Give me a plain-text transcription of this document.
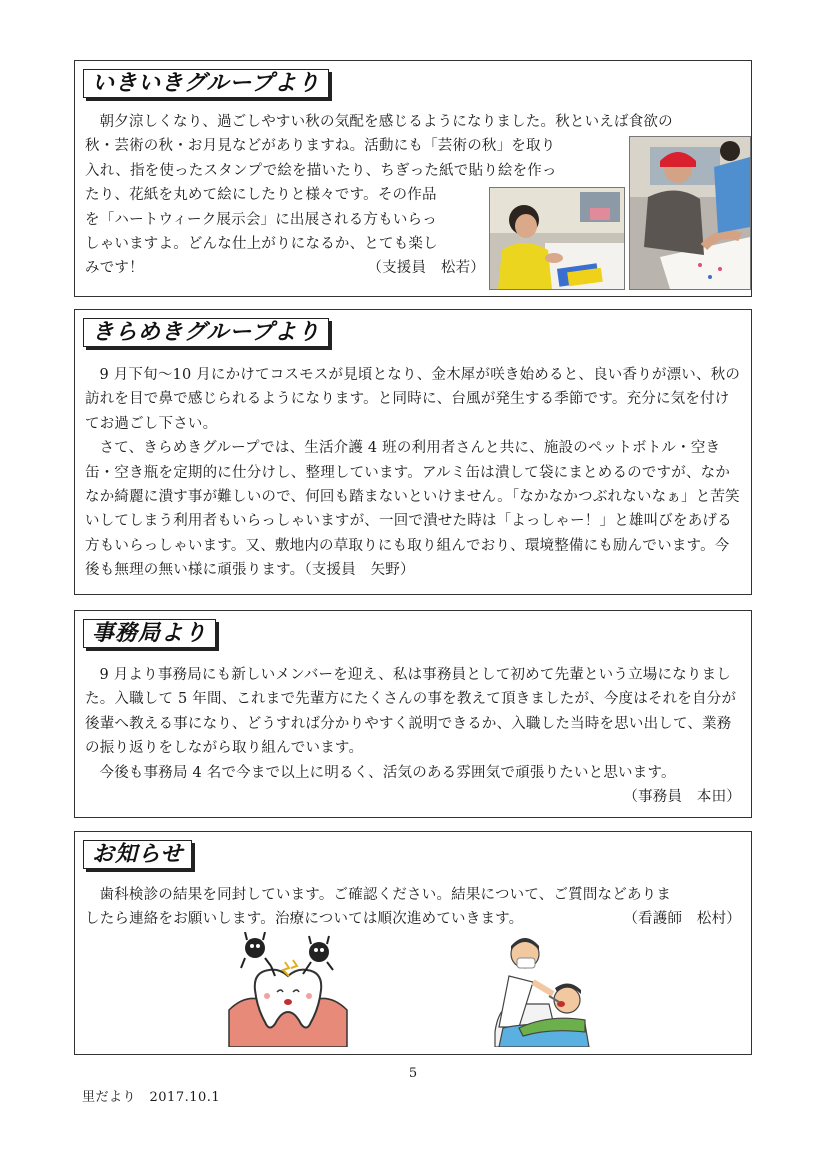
いきいきグループより
朝夕涼しくなり、過ごしやすい秋の気配を感じるようになりました。秋といえば食欲の
秋・芸術の秋・お月見などがありますね。活動にも「芸術の秋」を取り
入れ、指を使ったスタンプで絵を描いたり、ちぎった紙で貼り絵を作っ
たり、花紙を丸めて絵にしたりと様々です。その作品
を「ハートウィーク展示会」に出展される方もいらっ
しゃいますよ。どんな仕上がりになるか、とても楽し
みです！	（支援員　松若）
きらめきグループより

9 月下旬～10 月にかけてコスモスが見頃となり、金木犀が咲き始めると、良い香りが漂い、秋の訪れを目で鼻で感じられるようになります。と同時に、台風が発生する季節です。充分に気を付けてお過ごし下さい。

さて、きらめきグループでは、生活介護 4 班の利用者さんと共に、施設のペットボトル・空き缶・空き瓶を定期的に仕分けし、整理しています。アルミ缶は潰して袋にまとめるのですが、なかなか綺麗に潰す事が難しいので、何回も踏まないといけません。「なかなかつぶれないなぁ」と苦笑いしてしまう利用者もいらっしゃいますが、一回で潰せた時は「よっしゃー！」と雄叫びをあげる方もいらっしゃいます。又、敷地内の草取りにも取り組んでおり、環境整備にも励んでいます。今後も無理の無い様に頑張ります。（支援員　矢野）

事務局より

9 月より事務局にも新しいメンバーを迎え、私は事務員として初めて先輩という立場になりました。入職して 5 年間、これまで先輩方にたくさんの事を教えて頂きましたが、今度はそれを自分が後輩へ教える事になり、どうすれば分かりやすく説明できるか、入職した当時を思い出して、業務の振り返りをしながら取り組んでいます。

今後も事務局 4 名で今まで以上に明るく、活気のある雰囲気で頑張りたいと思います。

（事務員　本田）
お知らせ
歯科検診の結果を同封しています。ご確認ください。結果について、ご質問などありま
したら連絡をお願いします。治療については順次進めていきます。	（看護師　松村）
5
里だより　2017.10.1
